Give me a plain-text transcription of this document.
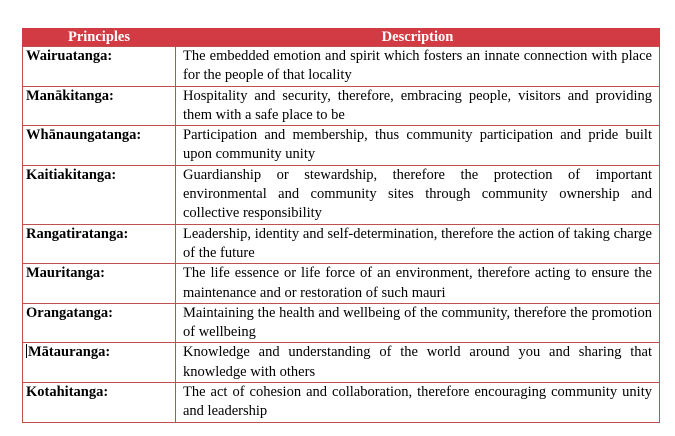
Principles	Description
Wairuatanga:	The embedded emotion and spirit which fosters an innate connection with place for the people of that locality
Manākitanga:	Hospitality and security, therefore, embracing people, visitors and providing them with a safe place to be
Whānaungatanga:	Participation and membership, thus community participation and pride built upon community unity
Kaitiakitanga:	Guardianship or stewardship, therefore the protection of important environmental and community sites through community ownership and collective responsibility
Rangatiratanga:	Leadership, identity and self-determination, therefore the action of taking charge of the future
Mauritanga:	The life essence or life force of an environment, therefore acting to ensure the maintenance and or restoration of such mauri
Orangatanga:	Maintaining the health and wellbeing of the community, therefore the promotion of wellbeing
Mātauranga:	Knowledge and understanding of the world around you and sharing that knowledge with others
Kotahitanga:	The act of cohesion and collaboration, therefore encouraging community unity and leadership
